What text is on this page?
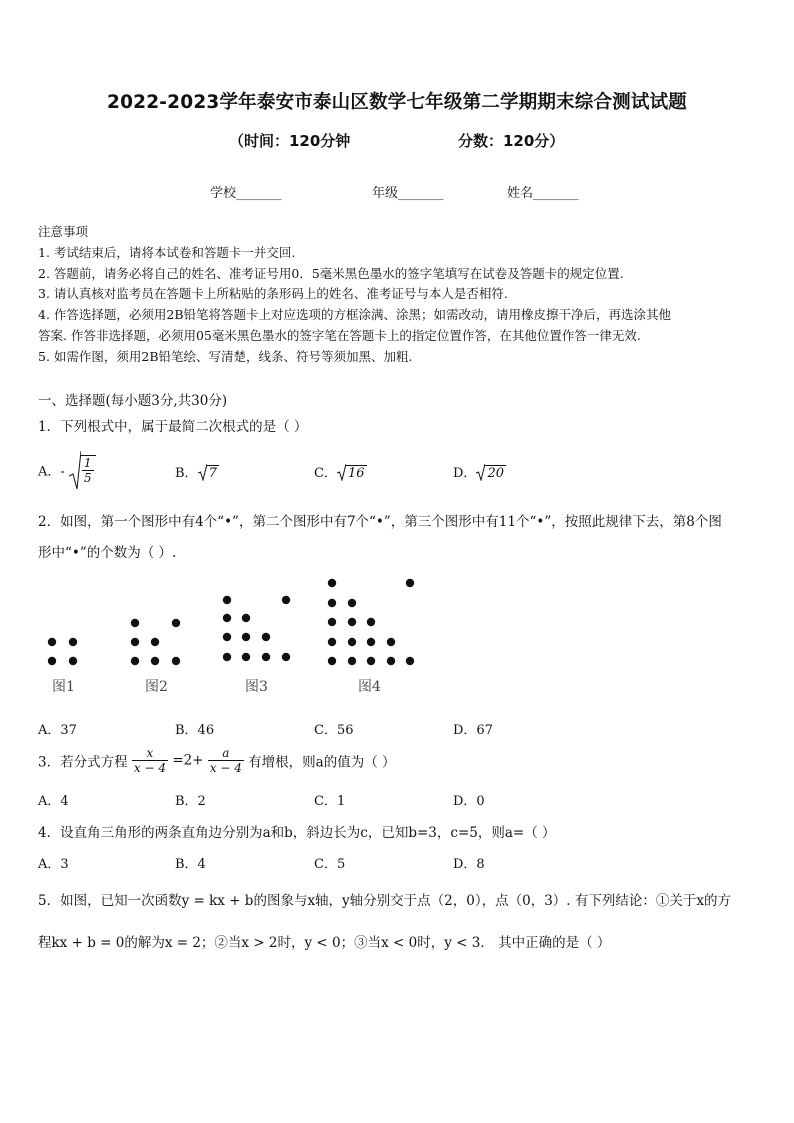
2022-2023学年泰安市泰山区数学七年级第二学期期末综合测试试题
（时间：120分钟	分数：120分）
学校_______	年级_______	姓名_______
注意事项
1. 考试结束后，请将本试卷和答题卡一并交回.
2. 答题前，请务必将自己的姓名、准考证号用0．5毫米黑色墨水的签字笔填写在试卷及答题卡的规定位置.
3. 请认真核对监考员在答题卡上所粘贴的条形码上的姓名、准考证号与本人是否相符.
4. 作答选择题，必须用2B铅笔将答题卡上对应选项的方框涂满、涂黑；如需改动，请用橡皮擦干净后，再选涂其他
答案. 作答非选择题，必须用05毫米黑色墨水的签字笔在答题卡上的指定位置作答，在其他位置作答一律无效.
5. 如需作图，须用2B铅笔绘、写清楚，线条、符号等须加黑、加粗.
一、选择题(每小题3分,共30分)
1．下列根式中，属于最简二次根式的是（ ）
A．- $\frac{1}{5}$	B． 7	C． 16	D． 20
2．如图，第一个图形中有4个“•”，第二个图形中有7个“•”，第三个图形中有11个“•”，按照此规律下去，第8个图
形中“•”的个数为（ ）.
图1	图2	图3	图4
A．37	B．46	C．56	D．67
3．若分式方程 $\frac{x}{x - 4} =2+ \frac{a}{x - 4}$ 有增根，则a的值为（ ）
A．4	B．2	C．1	D．0
4．设直角三角形的两条直角边分别为a和b，斜边长为c，已知b=3，c=5，则a=（ ）
A．3	B．4	C．5	D．8
5．如图，已知一次函数y = kx + b的图象与x轴，y轴分别交于点（2，0），点（0，3）. 有下列结论：①关于x的方
程kx + b = 0的解为x = 2；②当x > 2时，y < 0；③当x < 0时，y < 3． 其中正确的是（ ）
